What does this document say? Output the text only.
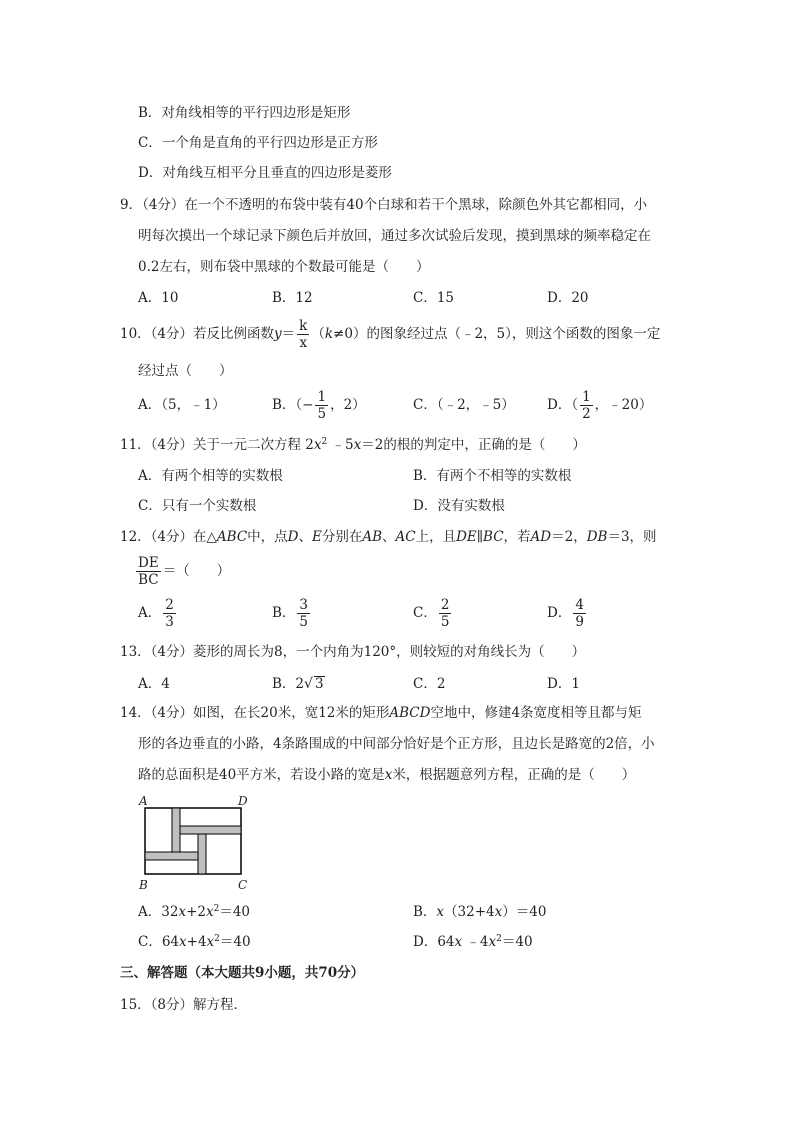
B．对角线相等的平行四边形是矩形
C．一个角是直角的平行四边形是正方形
D．对角线互相平分且垂直的四边形是菱形
9．（4分）在一个不透明的布袋中装有40个白球和若干个黑球，除颜色外其它都相同，小
明每次摸出一个球记录下颜色后并放回，通过多次试验后发现，摸到黑球的频率稳定在
0.2左右，则布袋中黑球的个数最可能是（　　）
A．10	B．12	C．15	D．20
10．（4分）若反比例函数$y= \frac{k}{x} (k\ne 0)$的图象经过点（﹣2，5），则这个函数的图象一定
经过点（　　）
A．（5，﹣1）	B．（− $\frac{1}{5}$ ，2）	C．（﹣2，﹣5） D．（ $\frac{1}{2}$ ，﹣20）
11．（4分）关于一元二次方程 $2x^2$ ﹣5x＝2的根的判定中，正确的是（　　）
A．有两个相等的实数根	B．有两个不相等的实数根
C．只有一个实数根	D．没有实数根
12．（4分）在△ABC中，点D、E分别在AB、AC上，且DE∥BC，若AD＝2，DB＝3，则
$\frac{DE}{BC}$ ＝（　　）
A． $\frac{2}{3}$	B． $\frac{3}{5}$	C． $\frac{2}{5}$	D． $\frac{4}{9}$
13．（4分）菱形的周长为8，一个内角为120°，则较短的对角线长为（　　）
A．4	B．2√ 3	C．2	D．1
14．（4分）如图，在长20米，宽12米的矩形ABCD空地中，修建4条宽度相等且都与矩
形的各边垂直的小路，4条路围成的中间部分恰好是个正方形，且边长是路宽的2倍，小
路的总面积是40平方米，若设小路的宽是x米，根据题意列方程，正确的是（　　）
A	D
B	C
A．$32x+2x^2=40$	B．x（32+4x）＝40
C．$64x+4x^2=40$	D．64x $﹣4x^2=40$
三、解答题（本大题共9小题，共70分）
15．（8分）解方程．
